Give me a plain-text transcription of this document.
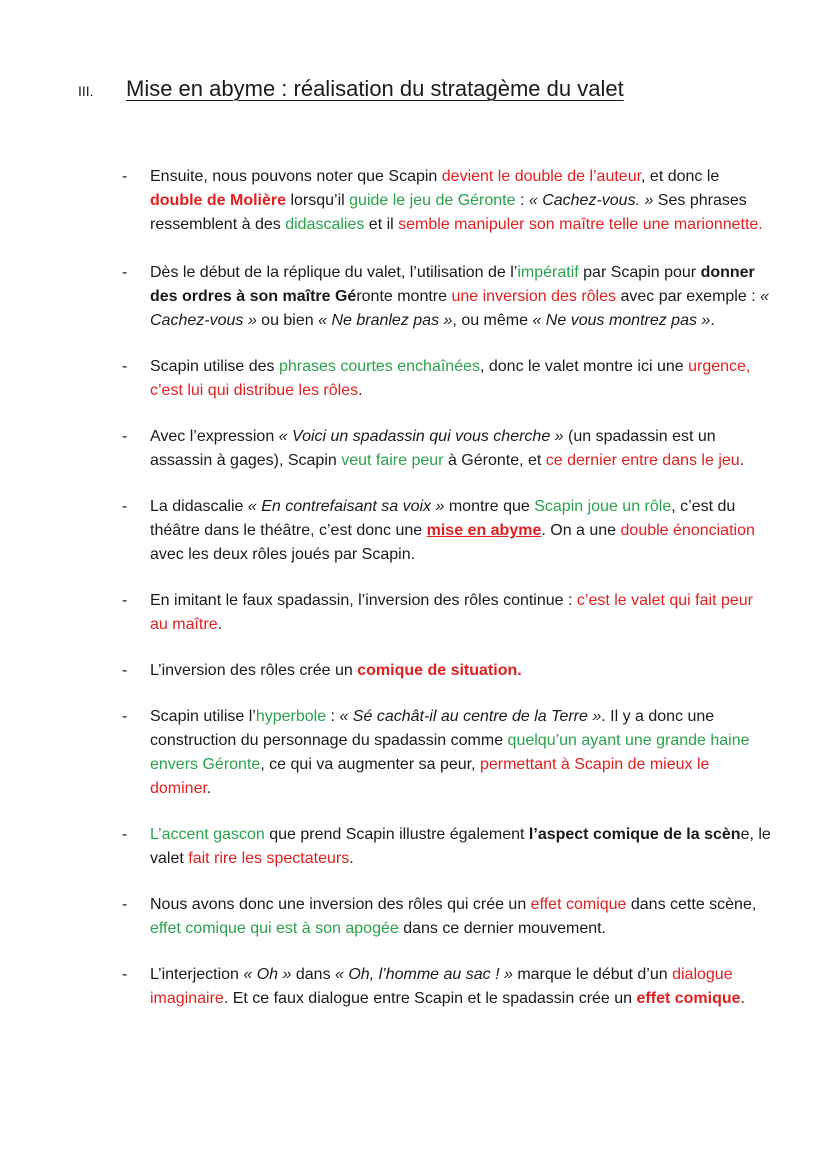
III.	Mise en abyme : réalisation du stratagème du valet
-	Ensuite, nous pouvons noter que Scapin devient le double de l’auteur, et donc le double de Molière lorsqu’il guide le jeu de Géronte : « Cachez-vous. » Ses phrases ressemblent à des didascalies et il semble manipuler son maître telle une marionnette.
-	Dès le début de la réplique du valet, l’utilisation de l’impératif par Scapin pour donner des ordres à son maître Géronte montre une inversion des rôles avec par exemple : « Cachez-vous » ou bien « Ne branlez pas », ou même « Ne vous montrez pas ».
-	Scapin utilise des phrases courtes enchaînées, donc le valet montre ici une urgence, c’est lui qui distribue les rôles.
-	Avec l’expression « Voici un spadassin qui vous cherche » (un spadassin est un assassin à gages), Scapin veut faire peur à Géronte, et ce dernier entre dans le jeu.
-	La didascalie « En contrefaisant sa voix » montre que Scapin joue un rôle, c’est du théâtre dans le théâtre, c’est donc une mise en abyme. On a une double énonciation avec les deux rôles joués par Scapin.
-	En imitant le faux spadassin, l’inversion des rôles continue : c’est le valet qui fait peur au maître.
-	L’inversion des rôles crée un comique de situation.
-	Scapin utilise l’hyperbole : « Sé cachât-il au centre de la Terre ». Il y a donc une construction du personnage du spadassin comme quelqu’un ayant une grande haine envers Géronte, ce qui va augmenter sa peur, permettant à Scapin de mieux le dominer.
-	L’accent gascon que prend Scapin illustre également l’aspect comique de la scène, le valet fait rire les spectateurs.
-	Nous avons donc une inversion des rôles qui crée un effet comique dans cette scène, effet comique qui est à son apogée dans ce dernier mouvement.
-	L’interjection « Oh » dans « Oh, l’homme au sac ! » marque le début d’un dialogue imaginaire. Et ce faux dialogue entre Scapin et le spadassin crée un effet comique.
